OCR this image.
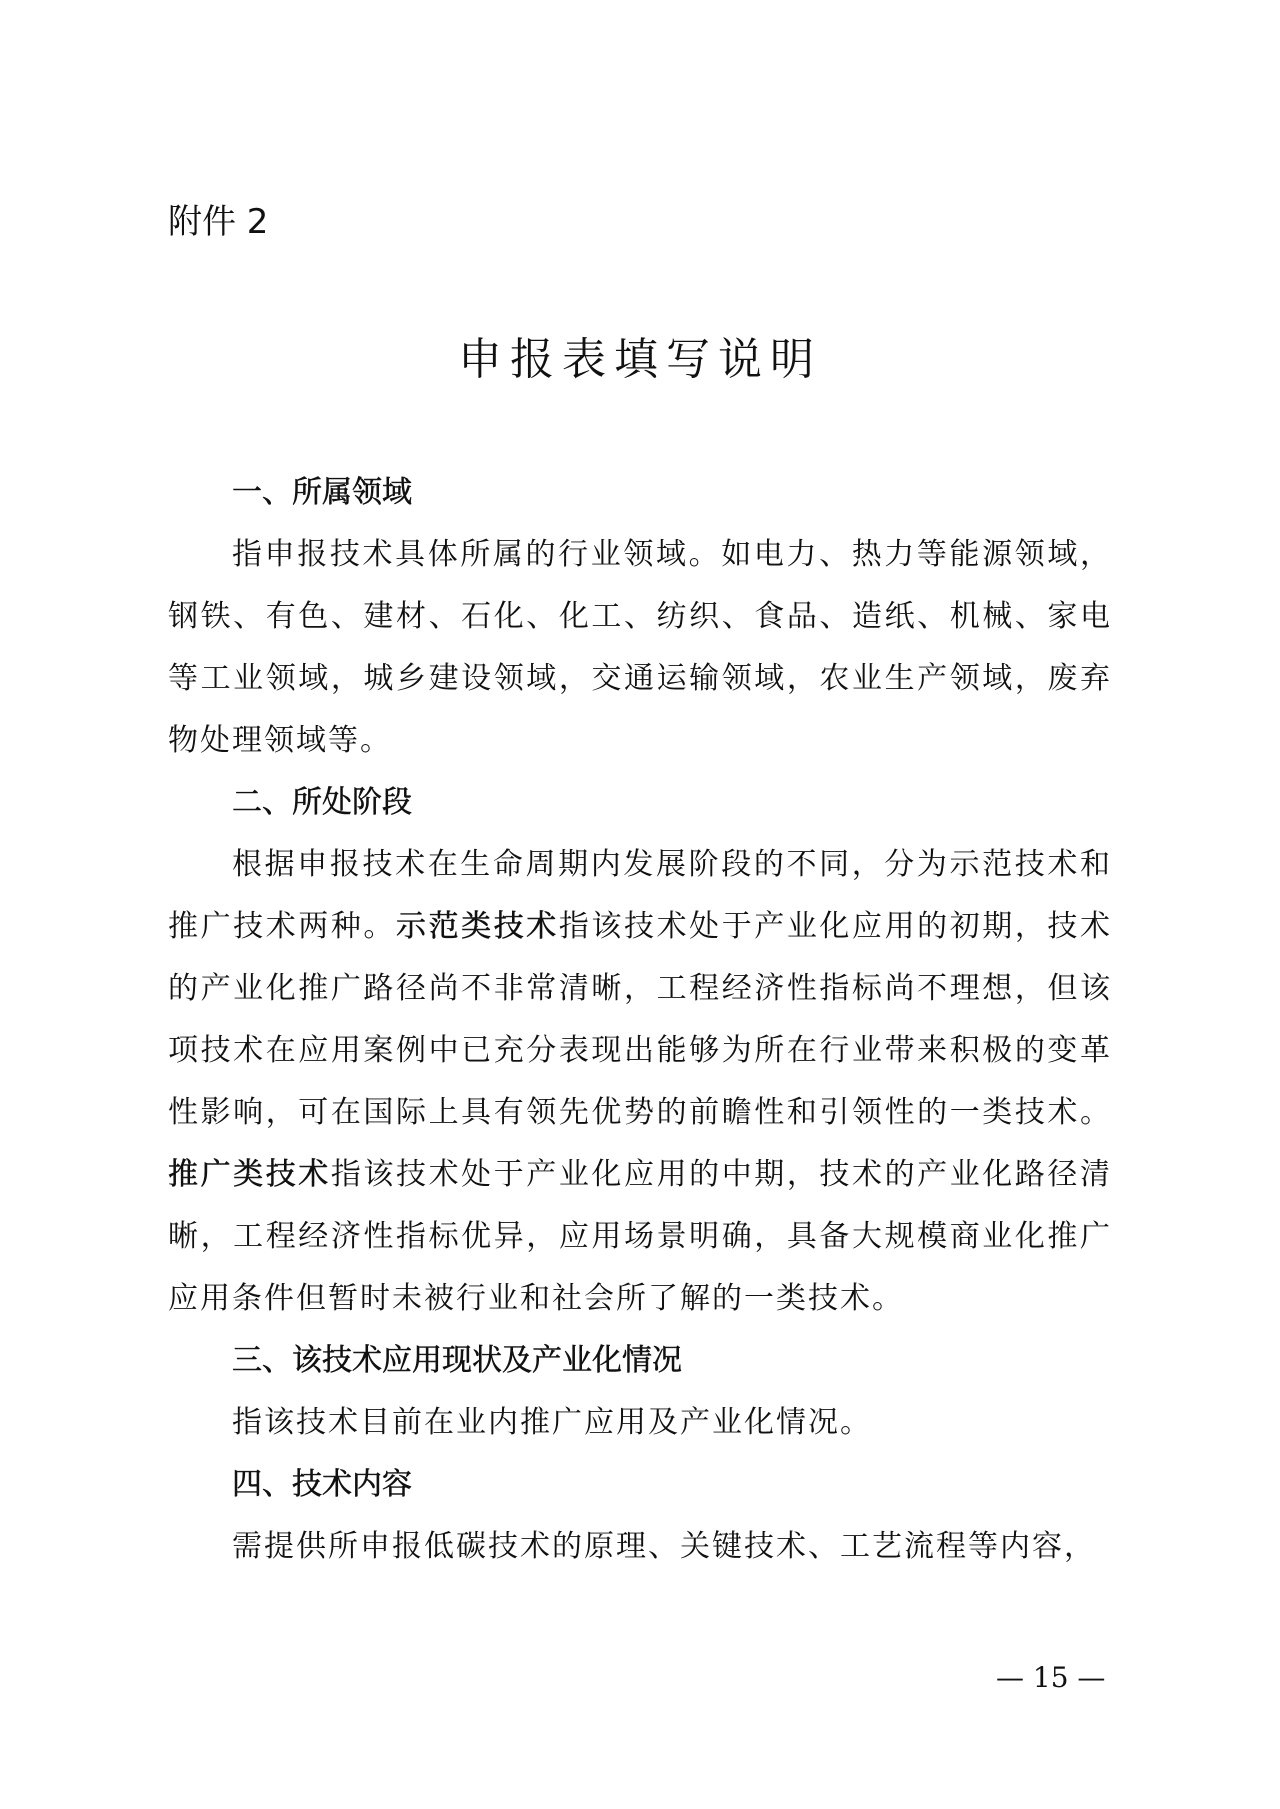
附件 2
申报表填写说明
一、所属领域

指申报技术具体所属的行业领域。如电力、热力等能源领域，钢铁、有色、建材、石化、化工、纺织、食品、造纸、机械、家电等工业领域，城乡建设领域，交通运输领域，农业生产领域，废弃物处理领域等。

二、所处阶段

根据申报技术在生命周期内发展阶段的不同，分为示范技术和推广技术两种。示范类技术指该技术处于产业化应用的初期，技术的产业化推广路径尚不非常清晰，工程经济性指标尚不理想，但该项技术在应用案例中已充分表现出能够为所在行业带来积极的变革性影响，可在国际上具有领先优势的前瞻性和引领性的一类技术。推广类技术指该技术处于产业化应用的中期，技术的产业化路径清晰，工程经济性指标优异，应用场景明确，具备大规模商业化推广应用条件但暂时未被行业和社会所了解的一类技术。

三、该技术应用现状及产业化情况

指该技术目前在业内推广应用及产业化情况。

四、技术内容

需提供所申报低碳技术的原理、关键技术、工艺流程等内容，

— 15 —
